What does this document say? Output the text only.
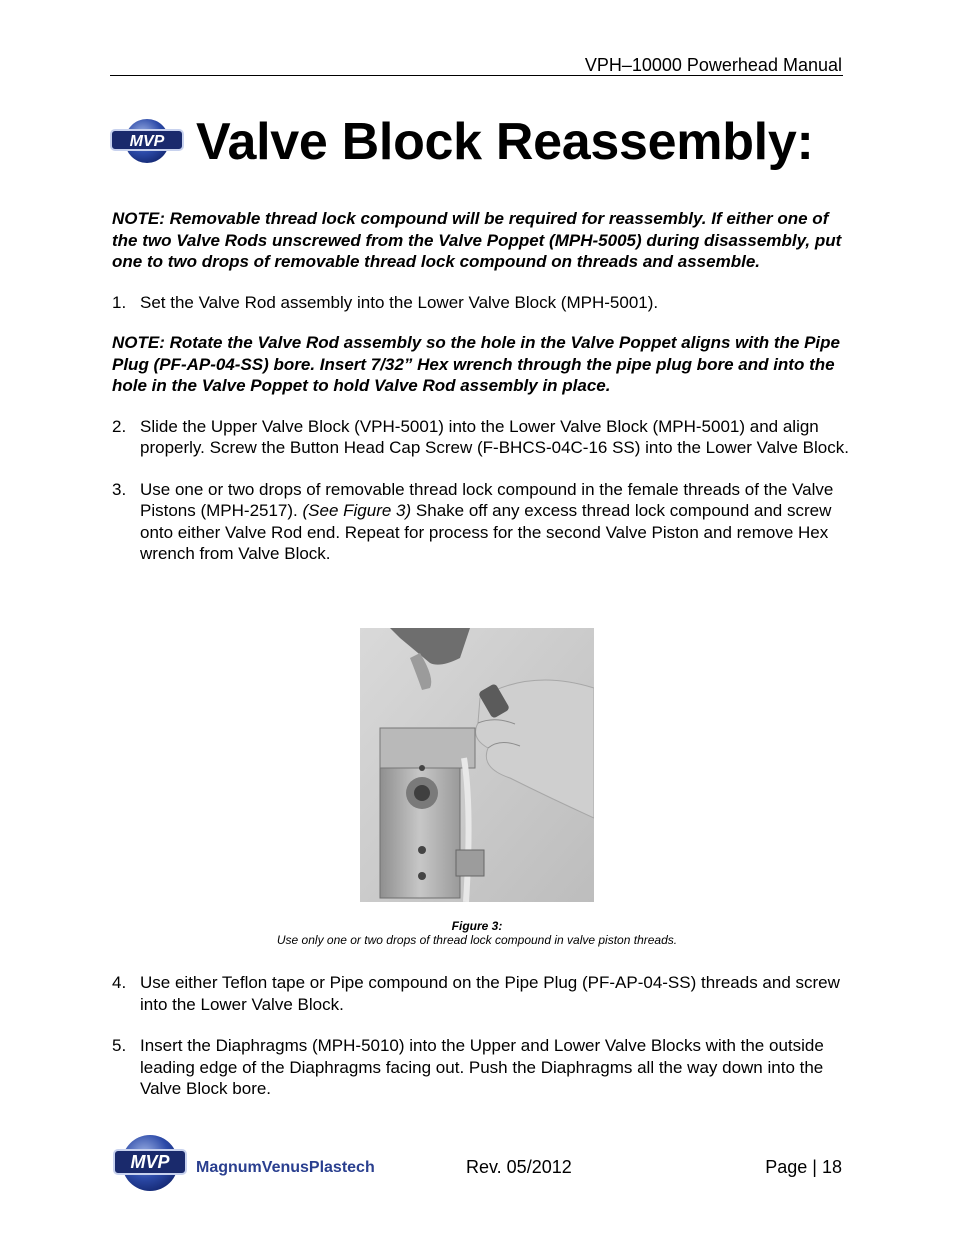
VPH–10000 Powerhead Manual
MVP Valve Block Reassembly:

NOTE: Removable thread lock compound will be required for reassembly. If either one of the two Valve Rods unscrewed from the Valve Poppet (MPH-5005) during disassembly, put one to two drops of removable thread lock compound on threads and assemble.

1. Set the Valve Rod assembly into the Lower Valve Block (MPH-5001).

NOTE: Rotate the Valve Rod assembly so the hole in the Valve Poppet aligns with the Pipe Plug (PF-AP-04-SS) bore. Insert 7/32” Hex wrench through the pipe plug bore and into the hole in the Valve Poppet to hold Valve Rod assembly in place.

2. Slide the Upper Valve Block (VPH-5001) into the Lower Valve Block (MPH-5001) and align properly. Screw the Button Head Cap Screw (F-BHCS-04C-16 SS) into the Lower Valve Block.
3. Use one or two drops of removable thread lock compound in the female threads of the Valve Pistons (MPH-2517). (See Figure 3) Shake off any excess thread lock compound and screw onto either Valve Rod end. Repeat for process for the second Valve Piston and remove Hex wrench from Valve Block.
Figure 3:
Use only one or two drops of thread lock compound in valve piston threads.
4. Use either Teflon tape or Pipe compound on the Pipe Plug (PF-AP-04-SS) threads and screw into the Lower Valve Block.
5. Insert the Diaphragms (MPH-5010) into the Upper and Lower Valve Blocks with the outside leading edge of the Diaphragms facing out. Push the Diaphragms all the way down into the Valve Block bore.
MVP MagnumVenusPlastech	Rev. 05/2012	Page | 18
